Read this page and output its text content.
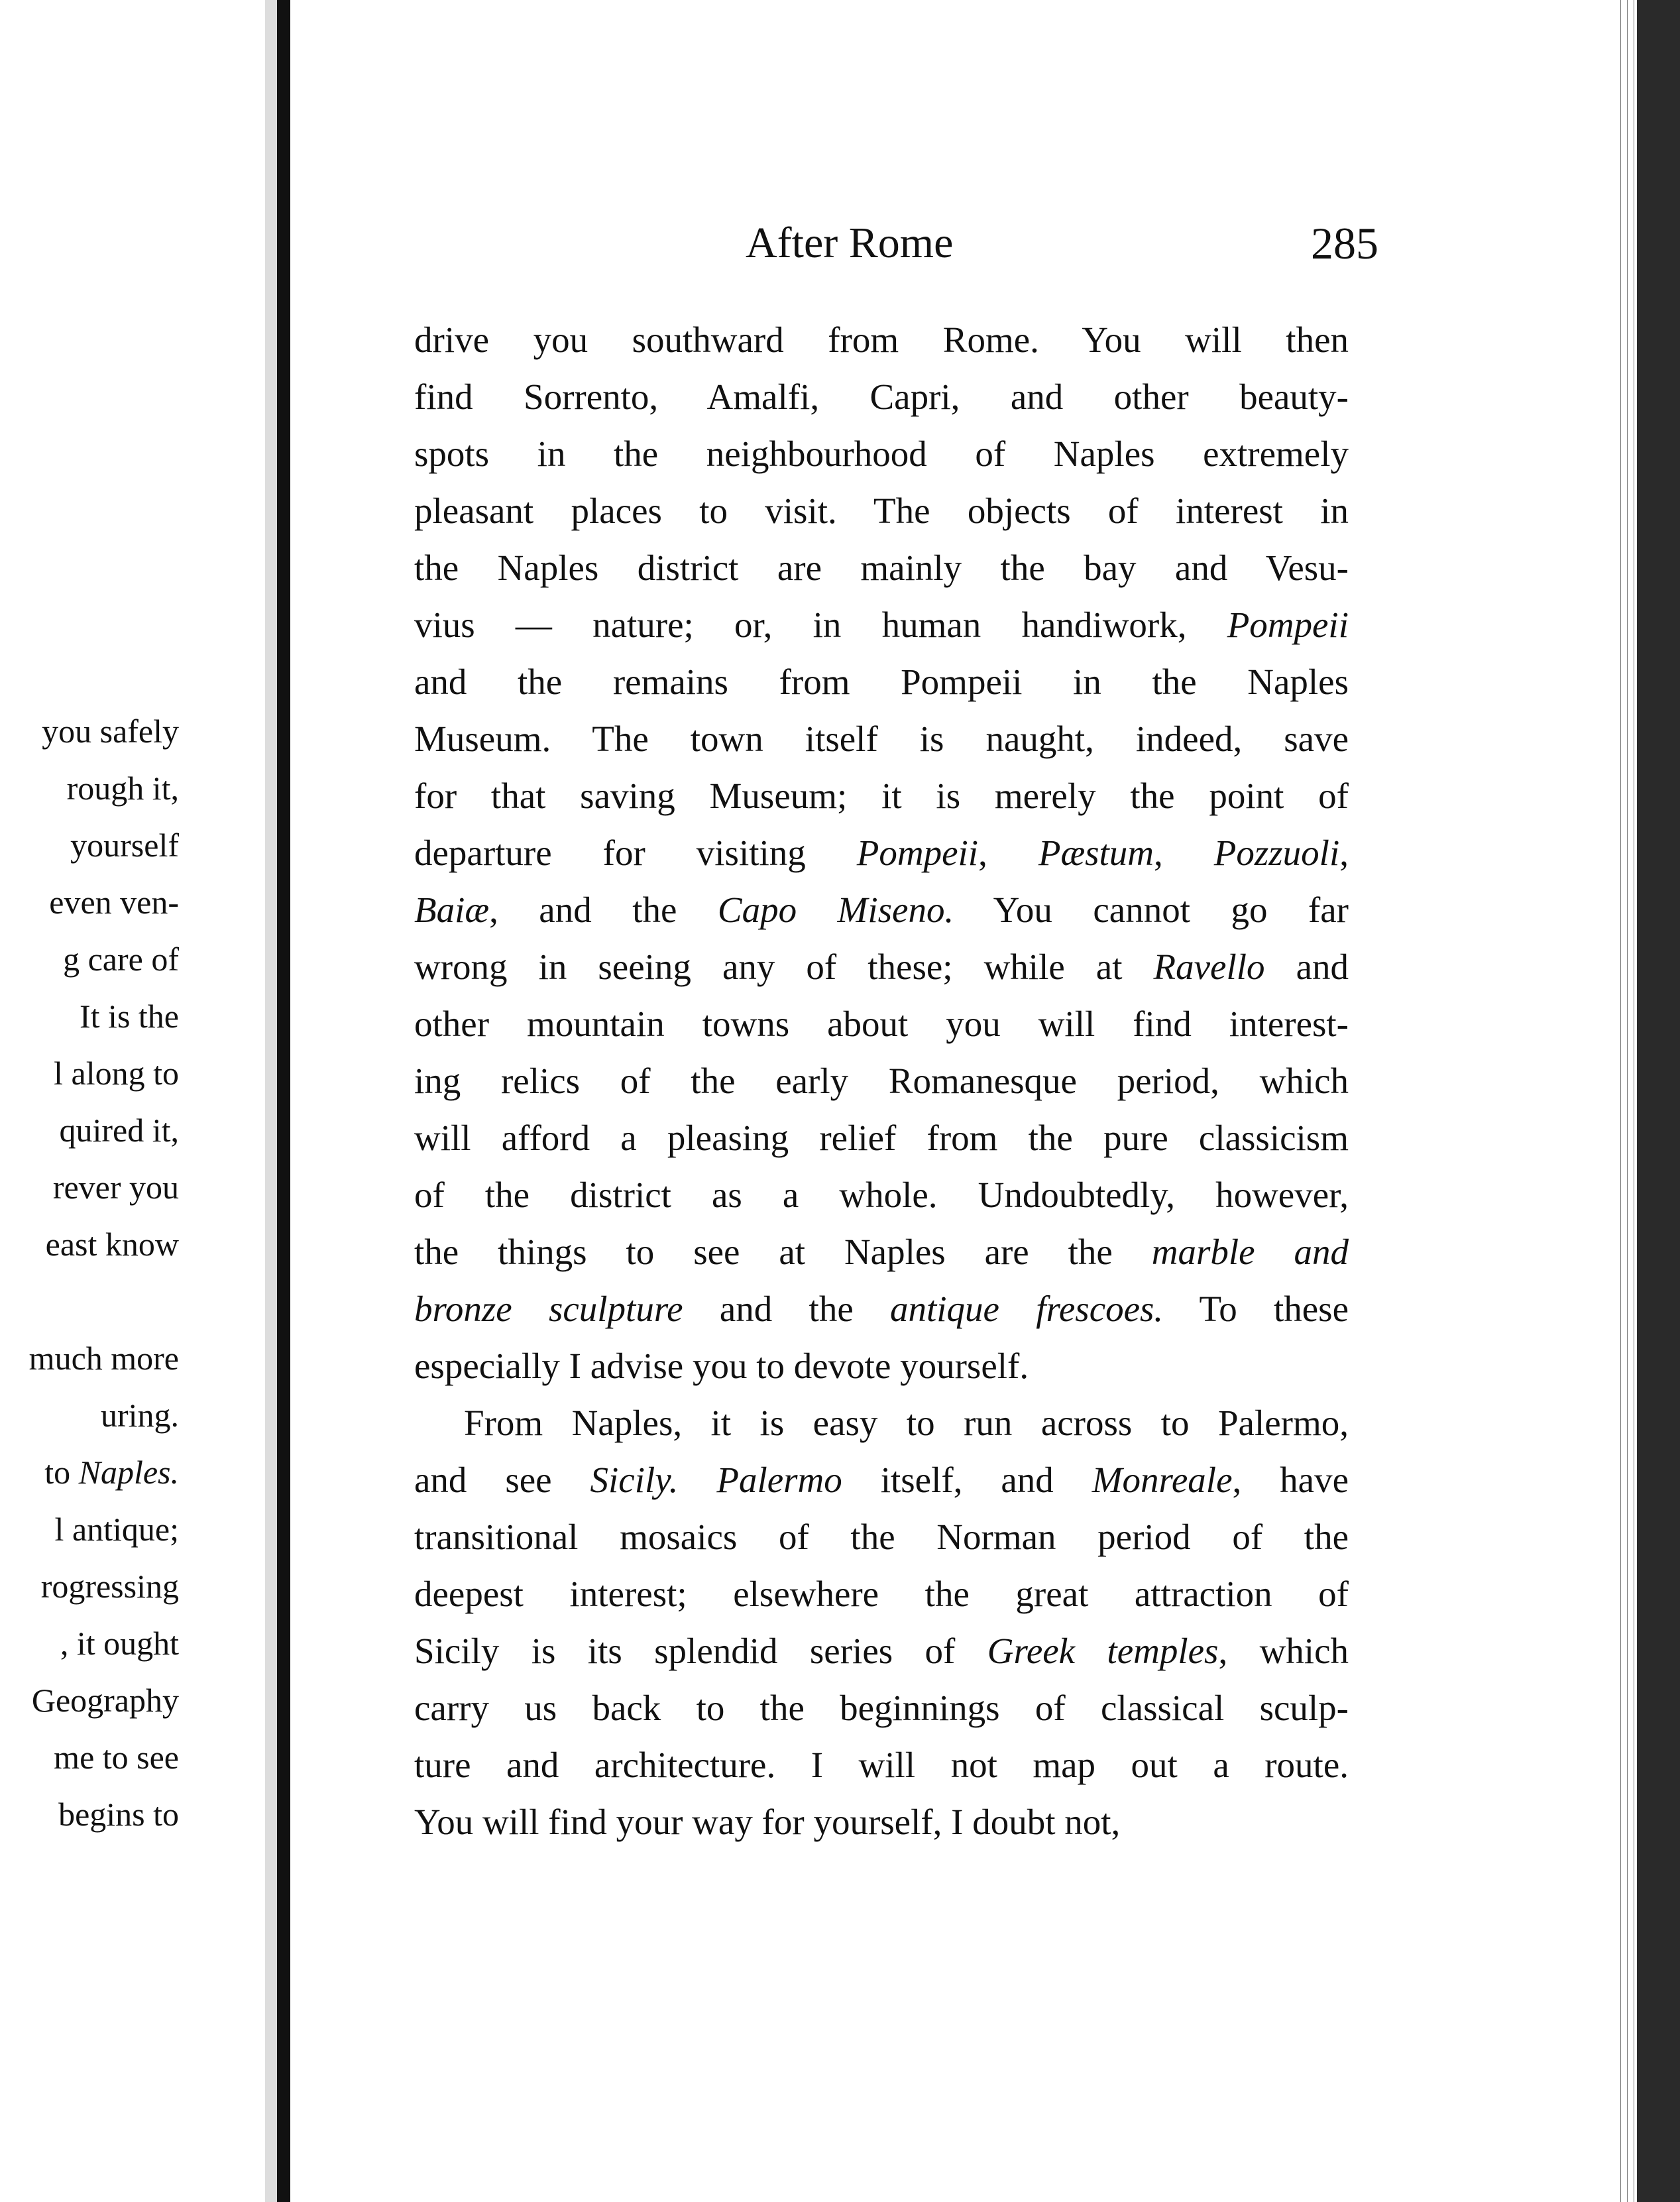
you safely
rough it,
yourself
even ven-
g care of
It is the
l along to
quired it,
rever you
east know
much more
uring.
to Naples.
l antique;
rogressing
, it ought
Geography
me to see
begins to
After Rome	285
drive you southward from Rome. You will then
find Sorrento, Amalfi, Capri, and other beauty-
spots in the neighbourhood of Naples extremely
pleasant places to visit. The objects of interest in
the Naples district are mainly the bay and Vesu-
vius — nature; or, in human handiwork, Pompeii
and the remains from Pompeii in the Naples
Museum. The town itself is naught, indeed, save
for that saving Museum; it is merely the point of
departure for visiting Pompeii, Pæstum, Pozzuoli,
Baiæ, and the Capo Miseno. You cannot go far
wrong in seeing any of these; while at Ravello and
other mountain towns about you will find interest-
ing relics of the early Romanesque period, which
will afford a pleasing relief from the pure classicism
of the district as a whole. Undoubtedly, however,
the things to see at Naples are the marble and
bronze sculpture and the antique frescoes. To these
especially I advise you to devote yourself.
From Naples, it is easy to run across to Palermo,
and see Sicily. Palermo itself, and Monreale, have
transitional mosaics of the Norman period of the
deepest interest; elsewhere the great attraction of
Sicily is its splendid series of Greek temples, which
carry us back to the beginnings of classical sculp-
ture and architecture. I will not map out a route.
You will find your way for yourself, I doubt not,
